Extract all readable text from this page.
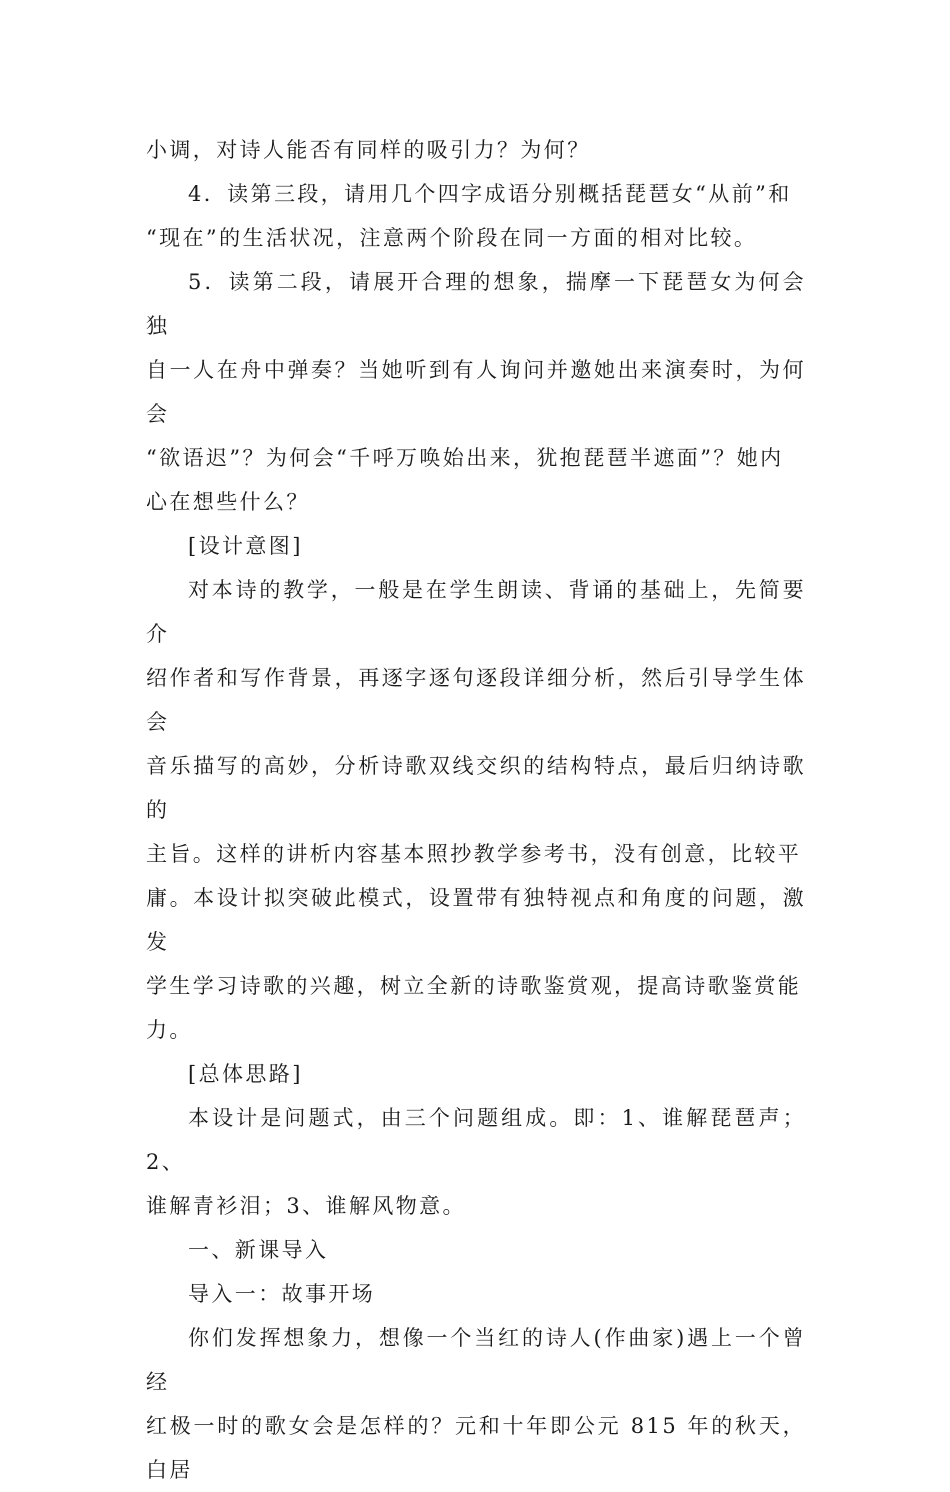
小调，对诗人能否有同样的吸引力？为何？
4．读第三段，请用几个四字成语分别概括琵琶女“从前”和
“现在”的生活状况，注意两个阶段在同一方面的相对比较。
5．读第二段，请展开合理的想象，揣摩一下琵琶女为何会独
自一人在舟中弹奏？当她听到有人询问并邀她出来演奏时，为何会
“欲语迟”？为何会“千呼万唤始出来，犹抱琵琶半遮面”？她内
心在想些什么？
[设计意图]
对本诗的教学，一般是在学生朗读、背诵的基础上，先简要介
绍作者和写作背景，再逐字逐句逐段详细分析，然后引导学生体会
音乐描写的高妙，分析诗歌双线交织的结构特点，最后归纳诗歌的
主旨。这样的讲析内容基本照抄教学参考书，没有创意，比较平
庸。本设计拟突破此模式，设置带有独特视点和角度的问题，激发
学生学习诗歌的兴趣，树立全新的诗歌鉴赏观，提高诗歌鉴赏能
力。
[总体思路]
本设计是问题式，由三个问题组成。即：1、谁解琵琶声；2、
谁解青衫泪；3、谁解风物意。
一、新课导入
导入一：故事开场
你们发挥想象力，想像一个当红的诗人(作曲家)遇上一个曾经
红极一时的歌女会是怎样的？元和十年即公元 815 年的秋天，白居
